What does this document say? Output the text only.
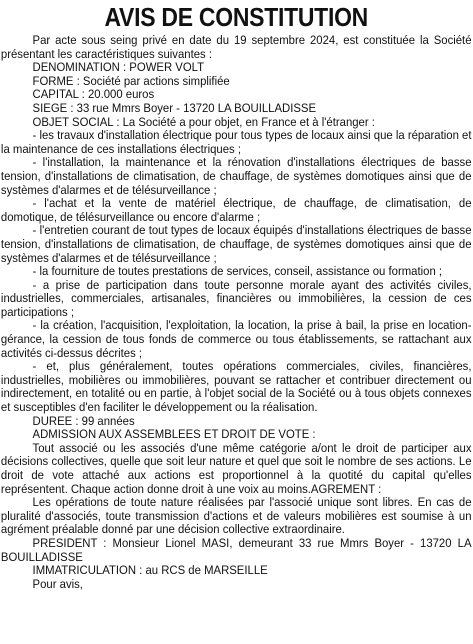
AVIS DE CONSTITUTION

Par acte sous seing privé en date du 19 septembre 2024, est constituée la Société présentant les caractéristiques suivantes :

DENOMINATION : POWER VOLT

FORME : Société par actions simplifiée

CAPITAL : 20.000 euros

SIEGE : 33 rue Mmrs Boyer - 13720 LA BOUILLADISSE

OBJET SOCIAL : La Société a pour objet, en France et à l'étranger :

- les travaux d'installation électrique pour tous types de locaux ainsi que la réparation et la maintenance de ces installations électriques ;

- l'installation, la maintenance et la rénovation d'installations électriques de basse tension, d'installations de climatisation, de chauffage, de systèmes domotiques ainsi que de systèmes d'alarmes et de télésurveillance ;

- l'achat et la vente de matériel électrique, de chauffage, de climatisation, de domotique, de télésurveillance ou encore d'alarme ;

- l'entretien courant de tout types de locaux équipés d'installations électriques de basse tension, d'installations de climatisation, de chauffage, de systèmes domotiques ainsi que de systèmes d'alarmes et de télésurveillance ;

- la fourniture de toutes prestations de services, conseil, assistance ou formation ;

- a prise de participation dans toute personne morale ayant des activités civiles, industrielles, commerciales, artisanales, financières ou immobilières, la cession de ces participations ;

- la création, l'acquisition, l'exploitation, la location, la prise à bail, la prise en location-gérance, la cession de tous fonds de commerce ou tous établissements, se rattachant aux activités ci-dessus décrites ;

- et, plus généralement, toutes opérations commerciales, civiles, financières, industrielles, mobilières ou immobilières, pouvant se rattacher et contribuer directement ou indirectement, en totalité ou en partie, à l'objet social de la Société ou à tous objets connexes et susceptibles d'en faciliter le développement ou la réalisation.

DUREE : 99 années

ADMISSION AUX ASSEMBLEES ET DROIT DE VOTE :

Tout associé ou les associés d'une même catégorie a/ont le droit de participer aux décisions collectives, quelle que soit leur nature et quel que soit le nombre de ses actions. Le droit de vote attaché aux actions est proportionnel à la quotité du capital qu'elles représentent. Chaque action donne droit à une voix au moins.AGREMENT :

Les opérations de toute nature réalisées par l'associé unique sont libres. En cas de pluralité d'associés, toute transmission d'actions et de valeurs mobilières est soumise à un agrément préalable donné par une décision collective extraordinaire.

PRESIDENT : Monsieur Lionel MASI, demeurant 33 rue Mmrs Boyer - 13720 LA BOUILLADISSE

IMMATRICULATION : au RCS de MARSEILLE

Pour avis,
